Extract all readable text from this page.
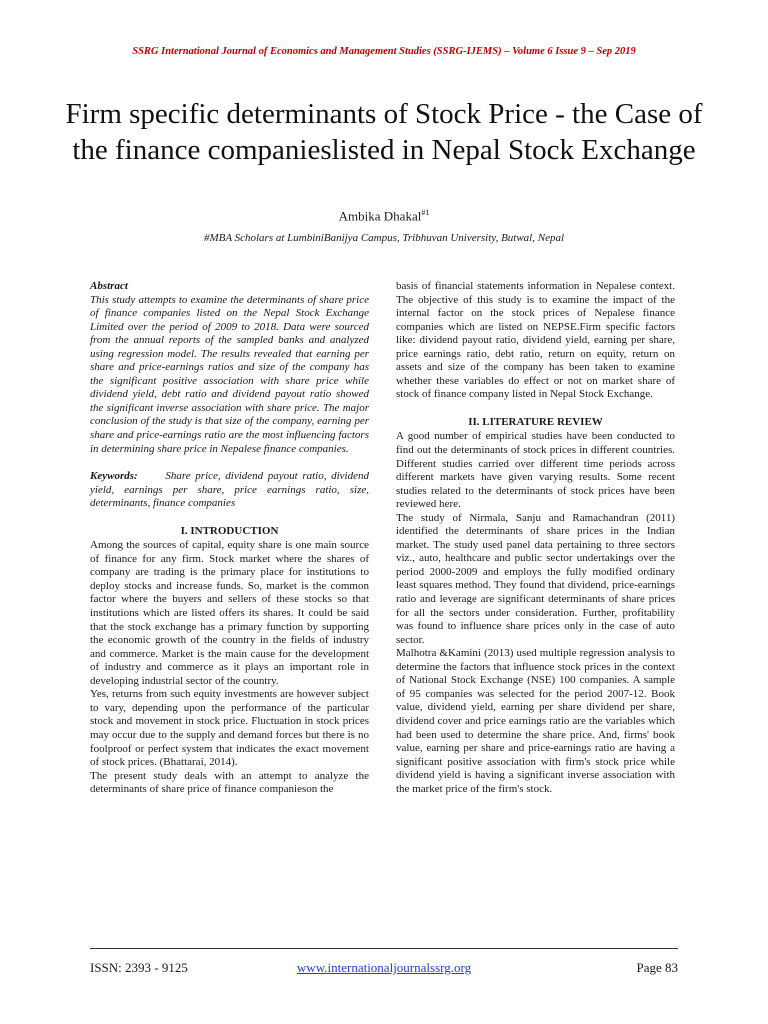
SSRG International Journal of Economics and Management Studies (SSRG-IJEMS) – Volume 6 Issue 9 – Sep 2019
Firm specific determinants of Stock Price - the Case of the finance companieslisted in Nepal Stock Exchange
Ambika Dhakal$^{\#1}$
#MBA Scholars at LumbiniBanijya Campus, Tribhuvan University, Butwal, Nepal

Abstract

This study attempts to examine the determinants of share price of finance companies listed on the Nepal Stock Exchange Limited over the period of 2009 to 2018. Data were sourced from the annual reports of the sampled banks and analyzed using regression model. The results revealed that earning per share and price-earnings ratios and size of the company has the significant positive association with share price while dividend yield, debt ratio and dividend payout ratio showed the significant inverse association with share price. The major conclusion of the study is that size of the company, earning per share and price-earnings ratio are the most influencing factors in determining share price in Nepalese finance companies.

Keywords:	Share price, dividend payout ratio, dividend yield, earnings per share, price earnings ratio, size, determinants, finance companies

I. INTRODUCTION

Among the sources of capital, equity share is one main source of finance for any firm. Stock market where the shares of company are trading is the primary place for institutions to deploy stocks and increase funds. So, market is the common factor where the buyers and sellers of these stocks so that institutions which are listed offers its shares. It could be said that the stock exchange has a primary function by supporting the economic growth of the country in the fields of industry and commerce. Market is the main cause for the development of industry and commerce as it plays an important role in developing industrial sector of the country.

Yes, returns from such equity investments are however subject to vary, depending upon the performance of the particular stock and movement in stock price. Fluctuation in stock prices may occur due to the supply and demand forces but there is no foolproof or perfect system that indicates the exact movement of stock prices. (Bhattarai, 2014).

The present study deals with an attempt to analyze the determinants of share price of finance companieson the

basis of financial statements information in Nepalese context. The objective of this study is to examine the impact of the internal factor on the stock prices of Nepalese finance companies which are listed on NEPSE.Firm specific factors like: dividend payout ratio, dividend yield, earning per share, price earnings ratio, debt ratio, return on equity, return on assets and size of the company has been taken to examine whether these variables do effect or not on market share of stock of finance company listed in Nepal Stock Exchange.

II. LITERATURE REVIEW

A good number of empirical studies have been conducted to find out the determinants of stock prices in different countries. Different studies carried over different time periods across different markets have given varying results. Some recent studies related to the determinants of stock prices have been reviewed here.

The study of Nirmala, Sanju and Ramachandran (2011) identified the determinants of share prices in the Indian market. The study used panel data pertaining to three sectors viz., auto, healthcare and public sector undertakings over the period 2000-2009 and employs the fully modified ordinary least squares method. They found that dividend, price-earnings ratio and leverage are significant determinants of share prices for all the sectors under consideration. Further, profitability was found to influence share prices only in the case of auto sector.

Malhotra &Kamini (2013) used multiple regression analysis to determine the factors that influence stock prices in the context of National Stock Exchange (NSE) 100 companies. A sample of 95 companies was selected for the period 2007-12. Book value, dividend yield, earning per share dividend per share, dividend cover and price earnings ratio are the variables which had been used to determine the share price. And, firms' book value, earning per share and price-earnings ratio are having a significant positive association with firm's stock price while dividend yield is having a significant inverse association with the market price of the firm's stock.

ISSN: 2393 - 9125	www.internationaljournalssrg.org	Page 83
